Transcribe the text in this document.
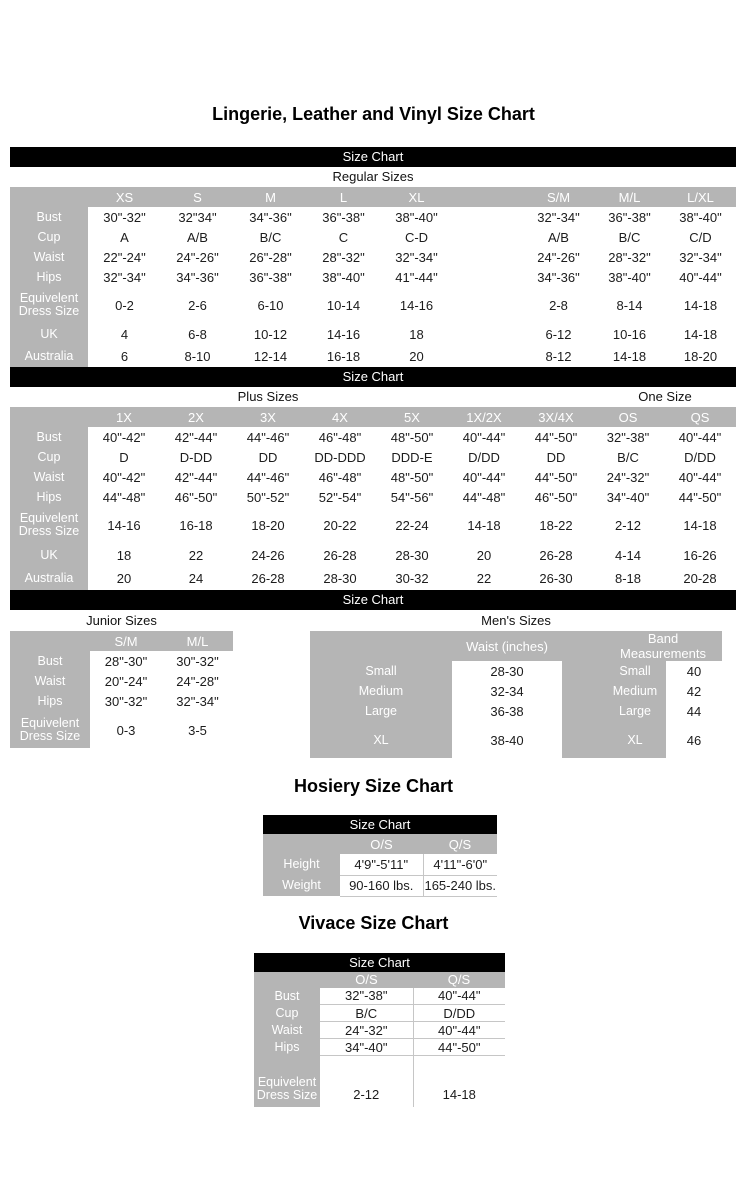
Lingerie, Leather and Vinyl Size Chart
Size Chart
Regular Sizes
	XS	S	M	L	XL		S/M	M/L	L/XL
Bust	30"-32"	32"34"	34"-36"	36"-38"	38"-40"		32"-34"	36"-38"	38"-40"
Cup	A	A/B	B/C	C	C-D		A/B	B/C	C/D
Waist	22"-24"	24"-26"	26"-28"	28"-32"	32"-34"		24"-26"	28"-32"	32"-34"
Hips	32"-34"	34"-36"	36"-38"	38"-40"	41"-44"		34"-36"	38"-40"	40"-44"
Equivelent Dress Size	0-2	2-6	6-10	10-14	14-16		2-8	8-14	14-18
UK	4	6-8	10-12	14-16	18		6-12	10-16	14-18
Australia	6	8-10	12-14	16-18	20		8-12	14-18	18-20
Size Chart
Plus Sizes	One Size
	1X	2X	3X	4X	5X	1X/2X	3X/4X	OS	QS
Bust	40"-42"	42"-44"	44"-46"	46"-48"	48"-50"	40"-44"	44"-50"	32"-38"	40"-44"
Cup	D	D-DD	DD	DD-DDD	DDD-E	D/DD	DD	B/C	D/DD
Waist	40"-42"	42"-44"	44"-46"	46"-48"	48"-50"	40"-44"	44"-50"	24"-32"	40"-44"
Hips	44"-48"	46"-50"	50"-52"	52"-54"	54"-56"	44"-48"	46"-50"	34"-40"	44"-50"
Equivelent Dress Size	14-16	16-18	18-20	20-22	22-24	14-18	18-22	2-12	14-18
UK	18	22	24-26	26-28	28-30	20	26-28	4-14	16-26
Australia	20	24	26-28	28-30	30-32	22	26-30	8-18	20-28
Size Chart
Junior Sizes
	S/M	M/L
Bust	28"-30"	30"-32"
Waist	20"-24"	24"-28"
Hips	30"-32"	32"-34"
Equivelent Dress Size	0-3	3-5
Men's Sizes
	Waist (inches)		Band Measurements	
Small	28-30		Small	40
Medium	32-34		Medium	42
Large	36-38		Large	44
XL	38-40		XL	46
Hosiery Size Chart
Size Chart
	O/S	Q/S
Height	4'9"-5'11"	4'11"-6'0"
Weight	90-160 lbs.	165-240 lbs.
Vivace Size Chart
Size Chart
	O/S	Q/S
Bust	32"-38"	40"-44"
Cup	B/C	D/DD
Waist	24"-32"	40"-44"
Hips	34"-40"	44"-50"
Equivelent Dress Size	2-12	14-18
